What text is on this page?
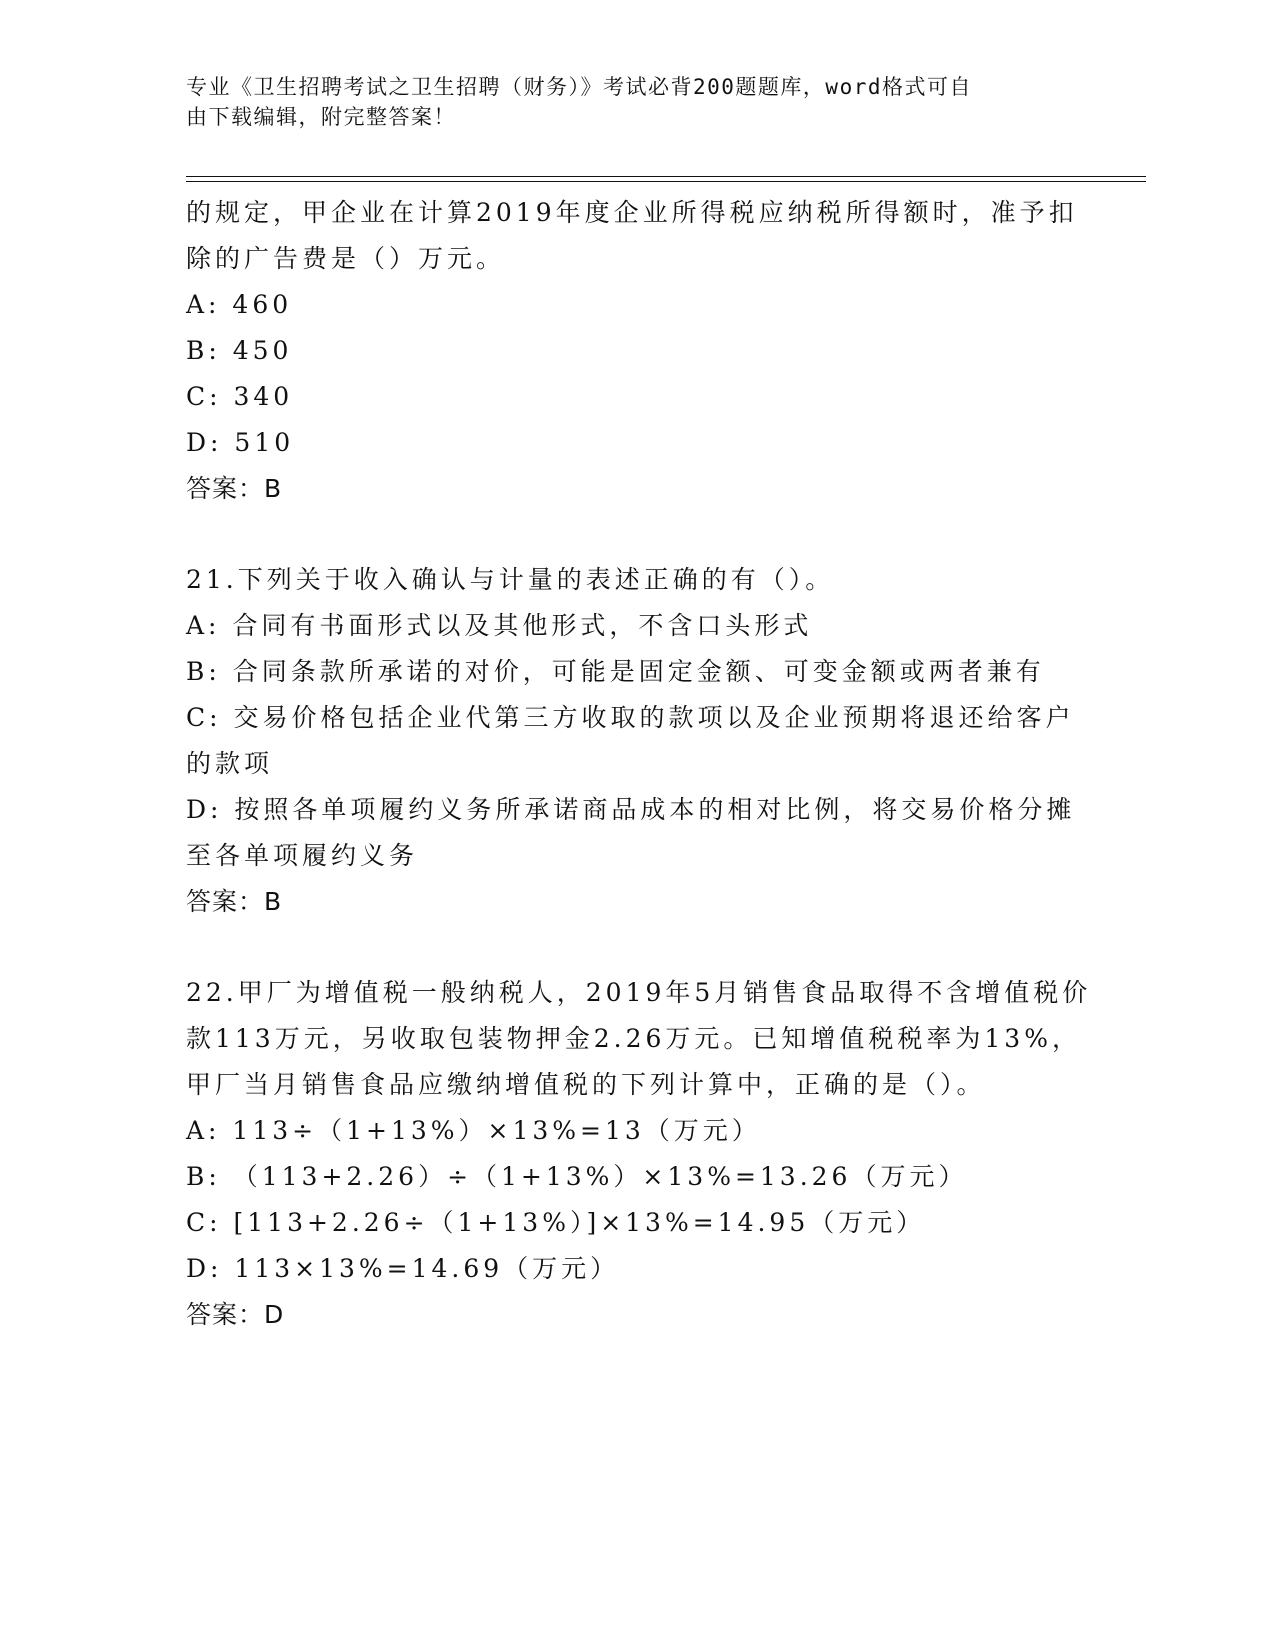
专业《卫生招聘考试之卫生招聘（财务）》考试必背200题题库，word格式可自
由下载编辑，附完整答案！
的规定，甲企业在计算2019年度企业所得税应纳税所得额时，准予扣
除的广告费是（）万元。
A: 460
B: 450
C: 340
D: 510
答案：B
21.下列关于收入确认与计量的表述正确的有（）。
A: 合同有书面形式以及其他形式，不含口头形式
B: 合同条款所承诺的对价，可能是固定金额、可变金额或两者兼有
C: 交易价格包括企业代第三方收取的款项以及企业预期将退还给客户
的款项
D: 按照各单项履约义务所承诺商品成本的相对比例，将交易价格分摊
至各单项履约义务
答案：B
22.甲厂为增值税一般纳税人，2019年5月销售食品取得不含增值税价
款113万元，另收取包装物押金2.26万元。已知增值税税率为13%，
甲厂当月销售食品应缴纳增值税的下列计算中，正确的是（）。
A: 113÷（1+13%）×13%=13（万元）
B: （113+2.26）÷（1+13%）×13%=13.26（万元）
C: [113+2.26÷（1+13%）]×13%=14.95（万元）
D: 113×13%=14.69（万元）
答案：D
